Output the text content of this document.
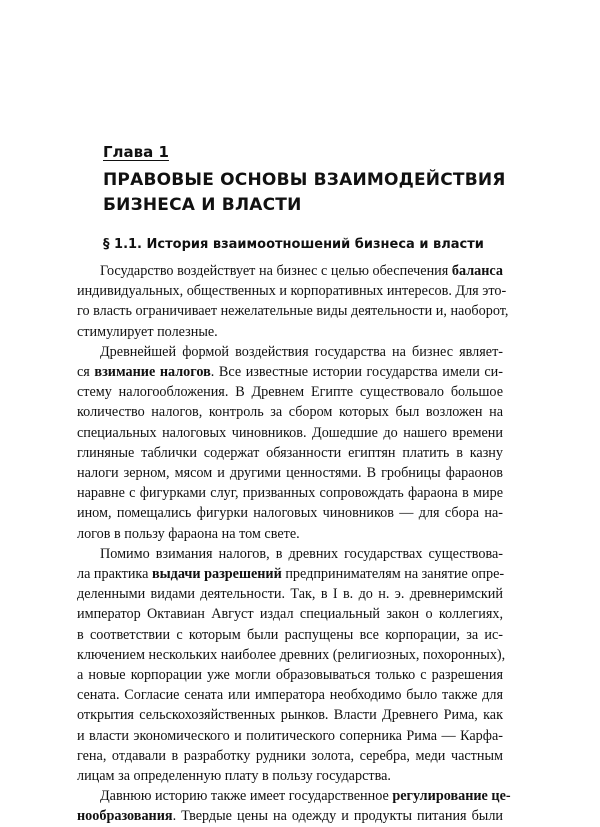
Глава 1
ПРАВОВЫЕ ОСНОВЫ ВЗАИМОДЕЙСТВИЯ
БИЗНЕСА И ВЛАСТИ
§ 1.1. История взаимоотношений бизнеса и власти
Государство воздействует на бизнес с целью обеспечения баланса
индивидуальных, общественных и корпоративных интересов. Для это-
го власть ограничивает нежелательные виды деятельности и, наоборот,
стимулирует полезные.
Древнейшей формой воздействия государства на бизнес являет-
ся взимание налогов. Все известные истории государства имели си-
стему налогообложения. В Древнем Египте существовало большое
количество налогов, контроль за сбором которых был возложен на
специальных налоговых чиновников. Дошедшие до нашего времени
глиняные таблички содержат обязанности египтян платить в казну
налоги зерном, мясом и другими ценностями. В гробницы фараонов
наравне с фигурками слуг, призванных сопровождать фараона в мире
ином, помещались фигурки налоговых чиновников — для сбора на-
логов в пользу фараона на том свете.
Помимо взимания налогов, в древних государствах существова-
ла практика выдачи разрешений предпринимателям на занятие опре-
деленными видами деятельности. Так, в I в. до н. э. древнеримский
император Октавиан Август издал специальный закон о коллегиях,
в соответствии с которым были распущены все корпорации, за ис-
ключением нескольких наиболее древних (религиозных, похоронных),
а новые корпорации уже могли образовываться только с разрешения
сената. Согласие сената или императора необходимо было также для
открытия сельскохозяйственных рынков. Власти Древнего Рима, как
и власти экономического и политического соперника Рима — Карфа-
гена, отдавали в разработку рудники золота, серебра, меди частным
лицам за определенную плату в пользу государства.
Давнюю историю также имеет государственное регулирование це-
нообразования. Твердые цены на одежду и продукты питания были
